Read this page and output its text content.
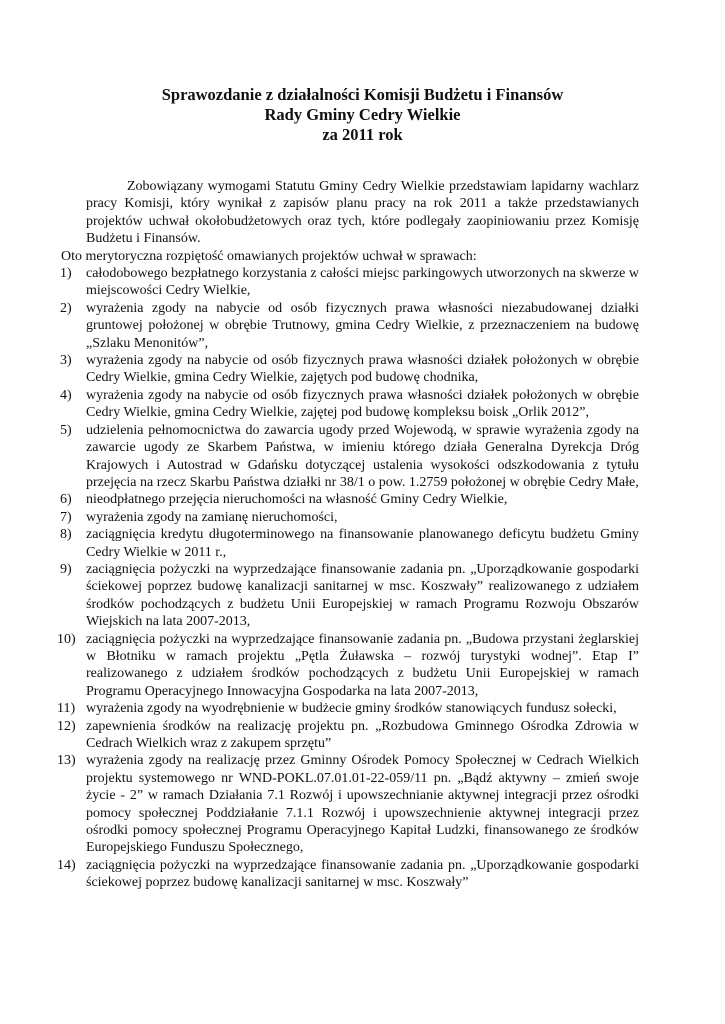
Sprawozdanie z działalności Komisji Budżetu i Finansów
Rady Gminy Cedry Wielkie
za 2011 rok

Zobowiązany wymogami Statutu Gminy Cedry Wielkie przedstawiam lapidarny wachlarz pracy Komisji, który wynikał z zapisów planu pracy na rok 2011 a także przedstawianych projektów uchwał okołobudżetowych oraz tych, które podlegały zaopiniowaniu przez Komisję Budżetu i Finansów.

Oto merytoryczna rozpiętość omawianych projektów uchwał w sprawach:

1)	całodobowego bezpłatnego korzystania z całości miejsc parkingowych utworzonych na skwerze w miejscowości Cedry Wielkie,
2)	wyrażenia zgody na nabycie od osób fizycznych prawa własności niezabudowanej działki gruntowej położonej w obrębie Trutnowy, gmina Cedry Wielkie, z przeznaczeniem na budowę „Szlaku Menonitów”,
3)	wyrażenia zgody na nabycie od osób fizycznych prawa własności działek położonych w obrębie Cedry Wielkie, gmina Cedry Wielkie, zajętych pod budowę chodnika,
4)	wyrażenia zgody na nabycie od osób fizycznych prawa własności działek położonych w obrębie Cedry Wielkie, gmina Cedry Wielkie, zajętej pod budowę kompleksu boisk „Orlik 2012”,
5)	udzielenia pełnomocnictwa do zawarcia ugody przed Wojewodą, w sprawie wyrażenia zgody na zawarcie ugody ze Skarbem Państwa, w imieniu którego działa Generalna Dyrekcja Dróg Krajowych i Autostrad w Gdańsku dotyczącej ustalenia wysokości odszkodowania z tytułu przejęcia na rzecz Skarbu Państwa działki nr 38/1 o pow. 1.2759 położonej w obrębie Cedry Małe,
6)	nieodpłatnego przejęcia nieruchomości na własność Gminy Cedry Wielkie,
7)	wyrażenia zgody na zamianę nieruchomości,
8)	zaciągnięcia kredytu długoterminowego na finansowanie planowanego deficytu budżetu Gminy Cedry Wielkie w 2011 r.,
9)	zaciągnięcia pożyczki na wyprzedzające finansowanie zadania pn. „Uporządkowanie gospodarki ściekowej poprzez budowę kanalizacji sanitarnej w msc. Koszwały” realizowanego z udziałem środków pochodzących z budżetu Unii Europejskiej w ramach Programu Rozwoju Obszarów Wiejskich na lata 2007-2013,
10) zaciągnięcia pożyczki na wyprzedzające finansowanie zadania pn. „Budowa przystani żeglarskiej w Błotniku w ramach projektu „Pętla Żuławska – rozwój turystyki wodnej”. Etap I” realizowanego z udziałem środków pochodzących z budżetu Unii Europejskiej w ramach Programu Operacyjnego Innowacyjna Gospodarka na lata 2007-2013,
11) wyrażenia zgody na wyodrębnienie w budżecie gminy środków stanowiących fundusz sołecki,
12) zapewnienia środków na realizację projektu pn. „Rozbudowa Gminnego Ośrodka Zdrowia w Cedrach Wielkich wraz z zakupem sprzętu”
13) wyrażenia zgody na realizację przez Gminny Ośrodek Pomocy Społecznej w Cedrach Wielkich projektu systemowego nr WND-POKL.07.01.01-22-059/11 pn. „Bądź aktywny – zmień swoje życie - 2” w ramach Działania 7.1 Rozwój i upowszechnianie aktywnej integracji przez ośrodki pomocy społecznej Poddziałanie 7.1.1 Rozwój i upowszechnienie aktywnej integracji przez ośrodki pomocy społecznej Programu Operacyjnego Kapitał Ludzki, finansowanego ze środków Europejskiego Funduszu Społecznego,
14) zaciągnięcia pożyczki na wyprzedzające finansowanie zadania pn. „Uporządkowanie gospodarki ściekowej poprzez budowę kanalizacji sanitarnej w msc. Koszwały”
